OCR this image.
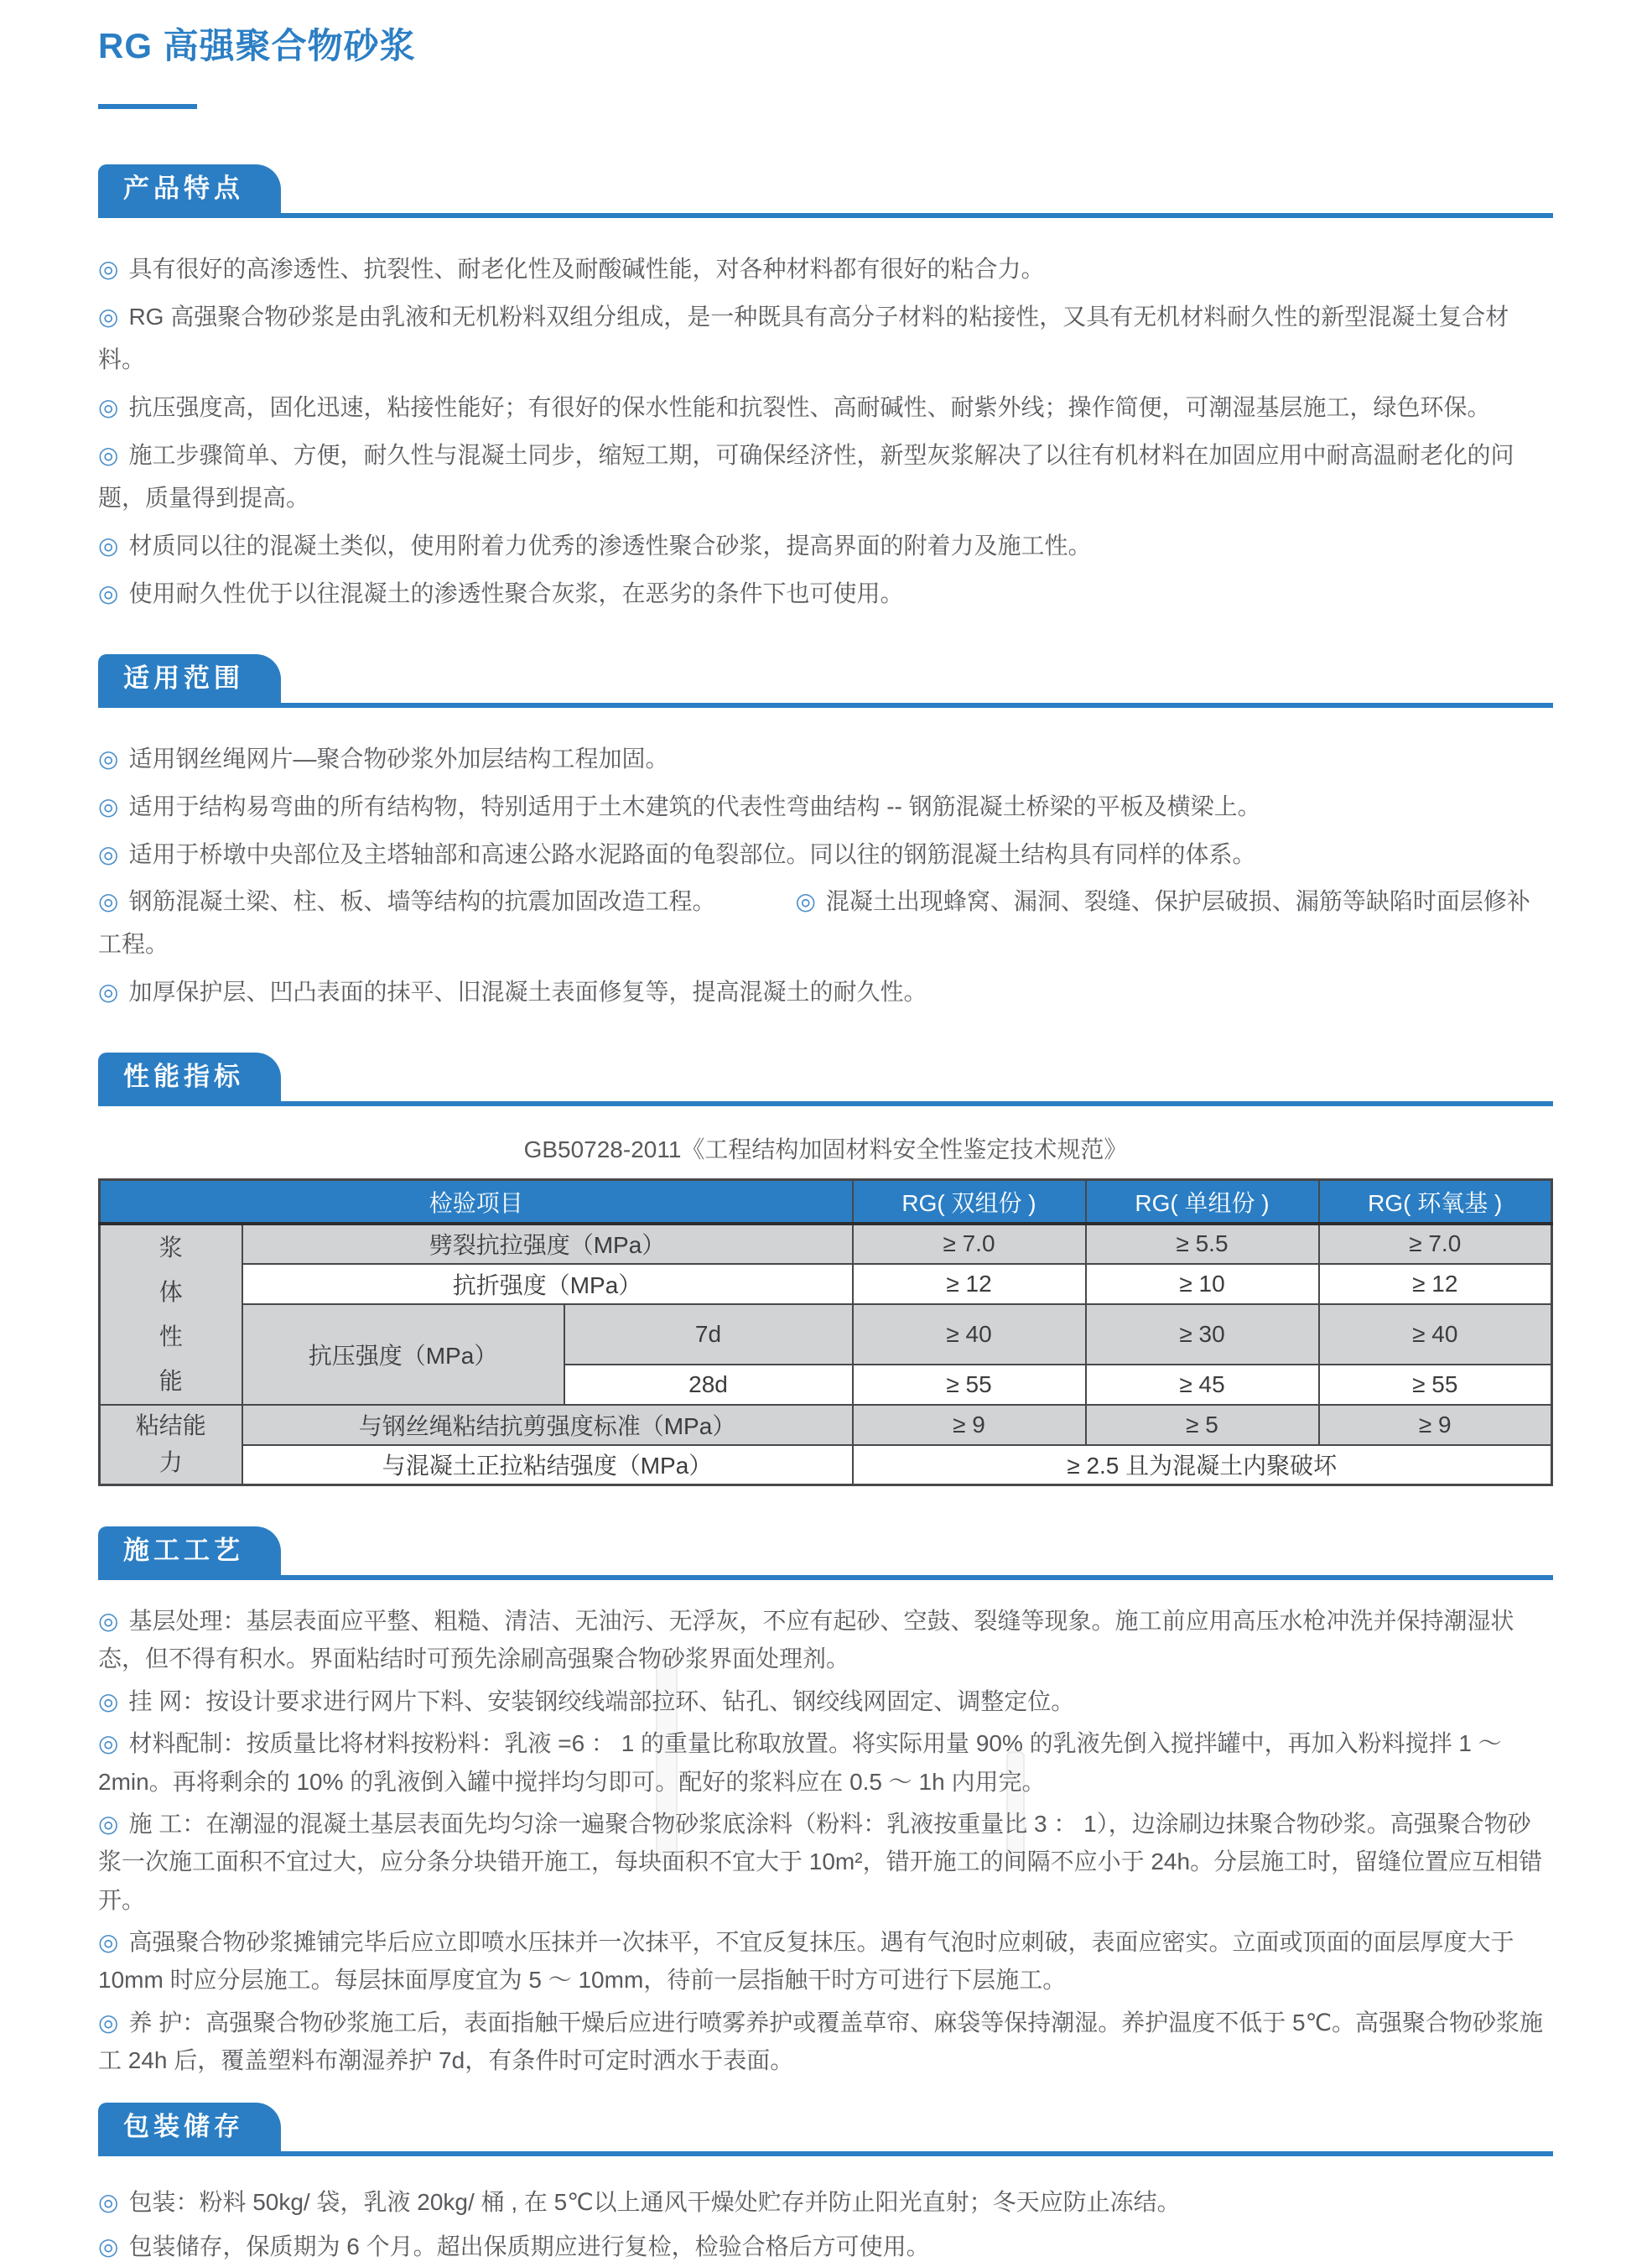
RG 高强聚合物砂浆
产品特点

◎ 具有很好的高渗透性、抗裂性、耐老化性及耐酸碱性能，对各种材料都有很好的粘合力。

◎ RG 高强聚合物砂浆是由乳液和无机粉料双组分组成，是一种既具有高分子材料的粘接性，又具有无机材料耐久性的新型混凝土复合材料。

◎ 抗压强度高，固化迅速，粘接性能好；有很好的保水性能和抗裂性、高耐碱性、耐紫外线；操作简便，可潮湿基层施工，绿色环保。

◎ 施工步骤简单、方便，耐久性与混凝土同步，缩短工期，可确保经济性，新型灰浆解决了以往有机材料在加固应用中耐高温耐老化的问题，质量得到提高。

◎ 材质同以往的混凝土类似，使用附着力优秀的渗透性聚合砂浆，提高界面的附着力及施工性。

◎ 使用耐久性优于以往混凝土的渗透性聚合灰浆，在恶劣的条件下也可使用。

适用范围

◎ 适用钢丝绳网片—聚合物砂浆外加层结构工程加固。

◎ 适用于结构易弯曲的所有结构物，特别适用于土木建筑的代表性弯曲结构 -- 钢筋混凝土桥梁的平板及横梁上。

◎ 适用于桥墩中央部位及主塔轴部和高速公路水泥路面的龟裂部位。同以往的钢筋混凝土结构具有同样的体系。

◎ 钢筋混凝土梁、柱、板、墙等结构的抗震加固改造工程。	◎ 混凝土出现蜂窝、漏洞、裂缝、保护层破损、漏筋等缺陷时面层修补工程。

◎ 加厚保护层、凹凸表面的抹平、旧混凝土表面修复等，提高混凝土的耐久性。

性能指标
GB50728-2011《工程结构加固材料安全性鉴定技术规范》
检验项目			RG( 双组份 )	RG( 单组份 )	RG( 环氧基 )

浆体性能	劈裂抗拉强度（MPa）		≥ 7.0	≥ 5.5	≥ 7.0
	抗折强度（MPa）		≥ 12	≥ 10	≥ 12
	抗压强度（MPa）	7d	≥ 40	≥ 30	≥ 40
		28d	≥ 55	≥ 45	≥ 55

粘结能力	与钢丝绳粘结抗剪强度标准（MPa）		≥ 9	≥ 5	≥ 9
	与混凝土正拉粘结强度（MPa）		≥ 2.5 且为混凝土内聚破坏		
施工工艺

◎ 基层处理：基层表面应平整、粗糙、清洁、无油污、无浮灰，不应有起砂、空鼓、裂缝等现象。施工前应用高压水枪冲洗并保持潮湿状态，但不得有积水。界面粘结时可预先涂刷高强聚合物砂浆界面处理剂。

◎ 挂 网：按设计要求进行网片下料、安装钢绞线端部拉环、钻孔、钢绞线网固定、调整定位。

◎ 材料配制：按质量比将材料按粉料：乳液 =6 ： 1 的重量比称取放置。将实际用量 90% 的乳液先倒入搅拌罐中，再加入粉料搅拌 1 ～ 2min。再将剩余的 10% 的乳液倒入罐中搅拌均匀即可。配好的浆料应在 0.5 ～ 1h 内用完。

◎ 施 工：在潮湿的混凝土基层表面先均匀涂一遍聚合物砂浆底涂料（粉料：乳液按重量比 3 ： 1），边涂刷边抹聚合物砂浆。高强聚合物砂浆一次施工面积不宜过大，应分条分块错开施工，每块面积不宜大于 10m²，错开施工的间隔不应小于 24h。分层施工时，留缝位置应互相错开。

◎ 高强聚合物砂浆摊铺完毕后应立即喷水压抹并一次抹平，不宜反复抹压。遇有气泡时应刺破，表面应密实。立面或顶面的面层厚度大于 10mm 时应分层施工。每层抹面厚度宜为 5 ～ 10mm，待前一层指触干时方可进行下层施工。

◎ 养 护：高强聚合物砂浆施工后，表面指触干燥后应进行喷雾养护或覆盖草帘、麻袋等保持潮湿。养护温度不低于 5℃。高强聚合物砂浆施工 24h 后，覆盖塑料布潮湿养护 7d，有条件时可定时洒水于表面。

包装储存

◎ 包装：粉料 50kg/ 袋，乳液 20kg/ 桶 , 在 5℃以上通风干燥处贮存并防止阳光直射；冬天应防止冻结。

◎ 包装储存，保质期为 6 个月。超出保质期应进行复检，检验合格后方可使用。
